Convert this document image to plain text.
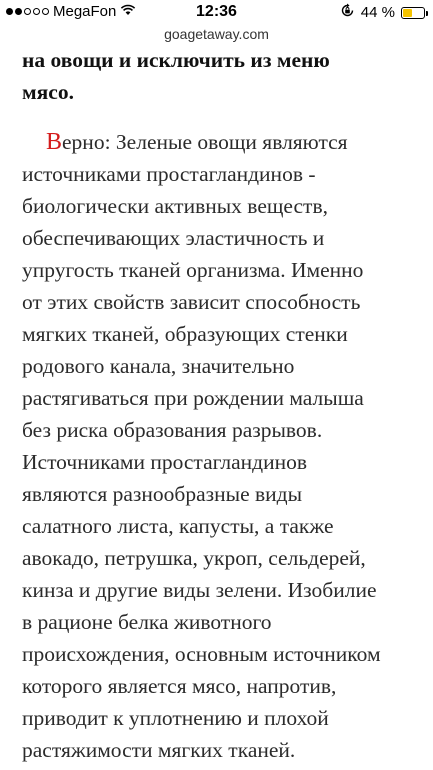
MegaFon	12:36	44 %
goagetaway.com

на овощи и исключить из меню
мясо.

Верно: Зеленые овощи являются
источниками простагландинов -
биологически активных веществ,
обеспечивающих эластичность и
упругость тканей организма. Именно
от этих свойств зависит способность
мягких тканей, образующих стенки
родового канала, значительно
растягиваться при рождении малыша
без риска образования разрывов.
Источниками простагландинов
являются разнообразные виды
салатного листа, капусты, а также
авокадо, петрушка, укроп, сельдерей,
кинза и другие виды зелени. Изобилие
в рационе белка животного
происхождения, основным источником
которого является мясо, напротив,
приводит к уплотнению и плохой
растяжимости мягких тканей.
